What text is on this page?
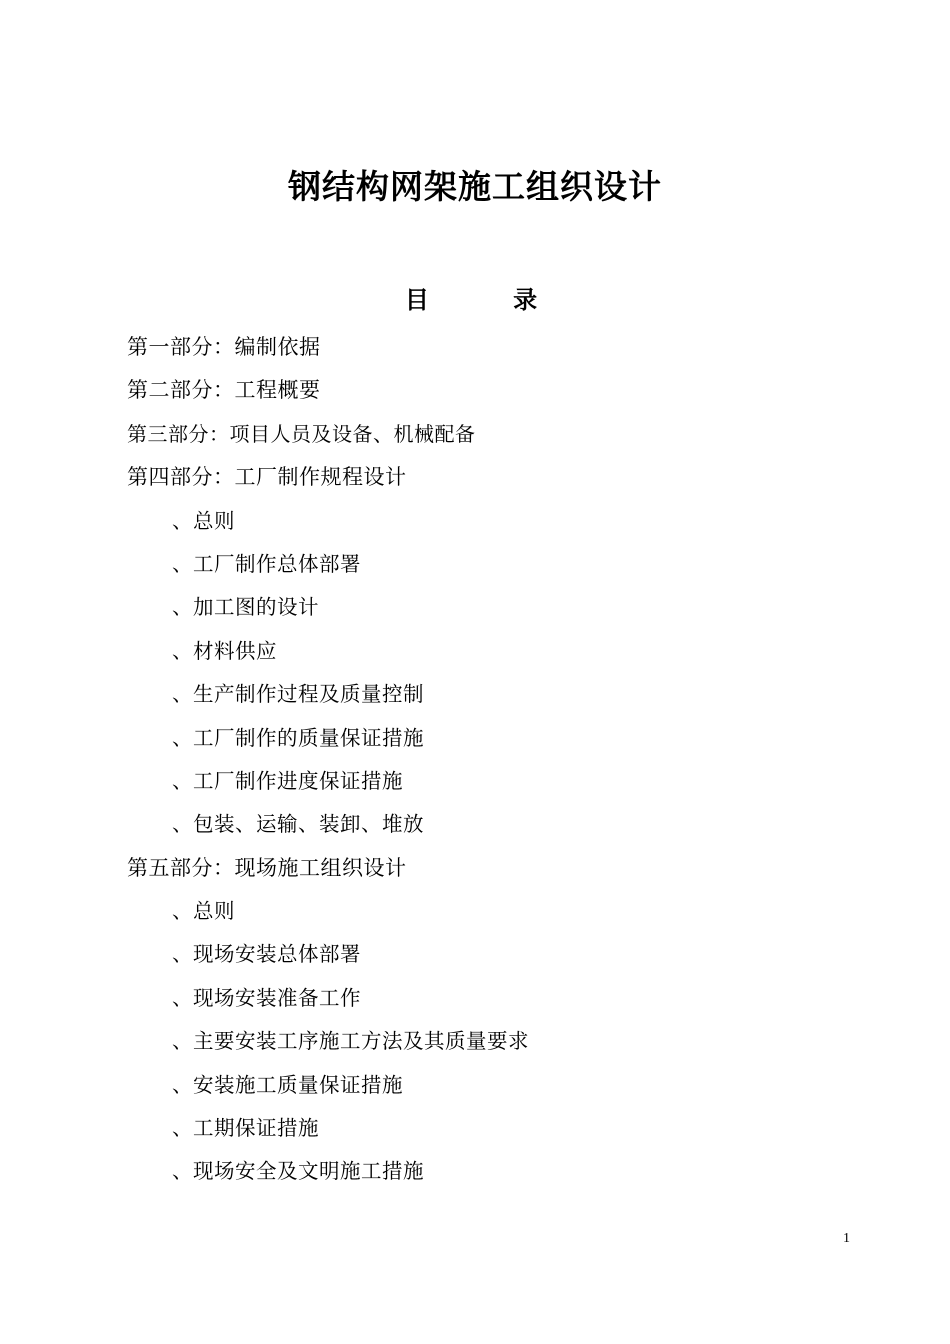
钢结构网架施工组织设计
目 录
第一部分：编制依据
第二部分：工程概要
第三部分：项目人员及设备、机械配备
第四部分：工厂制作规程设计
、总则
、工厂制作总体部署
、加工图的设计
、材料供应
、生产制作过程及质量控制
、工厂制作的质量保证措施
、工厂制作进度保证措施
、包装、运输、装卸、堆放
第五部分：现场施工组织设计
、总则
、现场安装总体部署
、现场安装准备工作
、主要安装工序施工方法及其质量要求
、安装施工质量保证措施
、工期保证措施
、现场安全及文明施工措施
1
